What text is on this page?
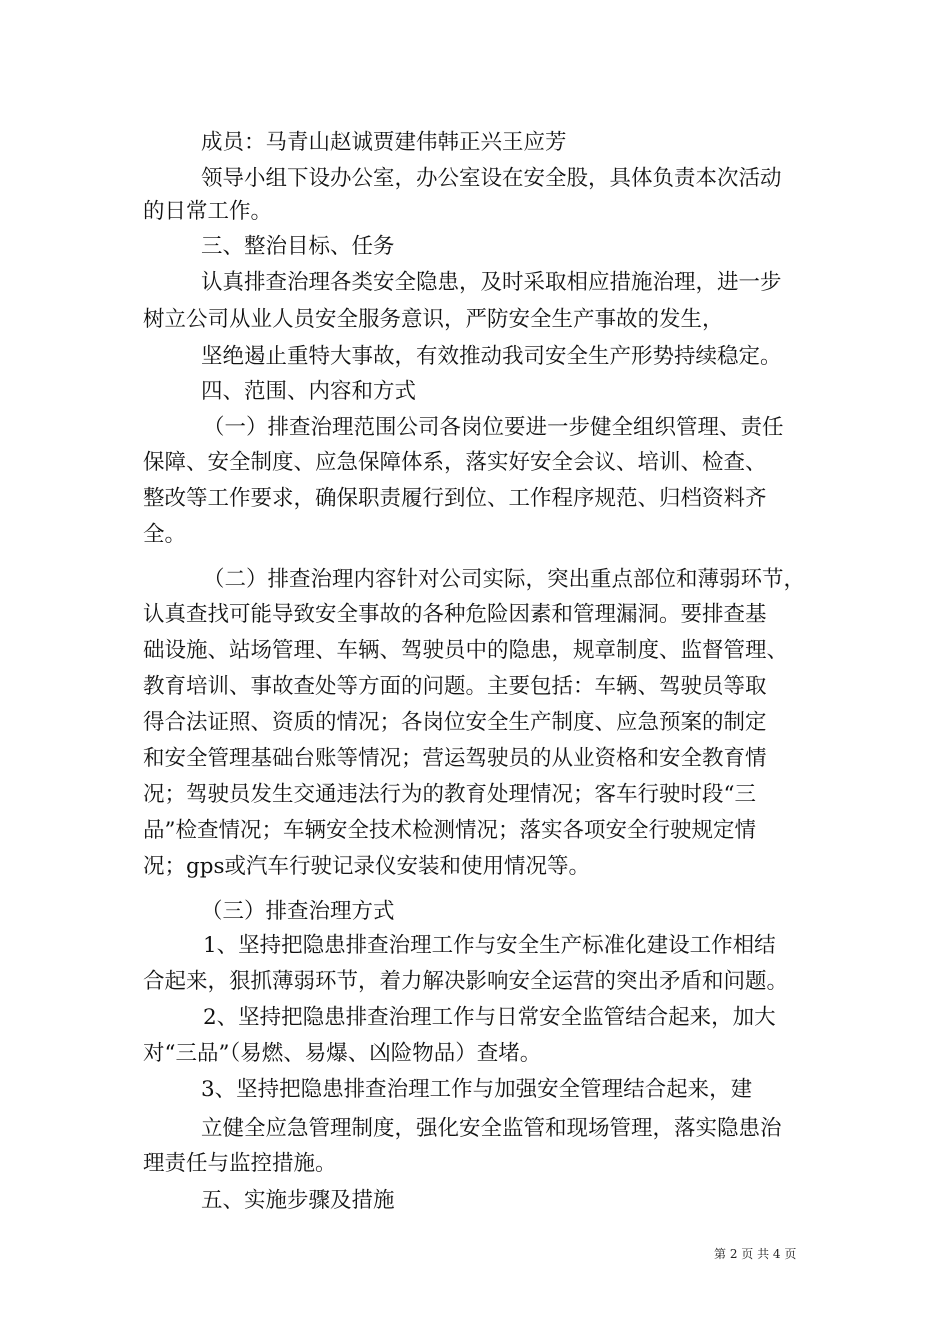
成员：马青山赵诚贾建伟韩正兴王应芳
领导小组下设办公室，办公室设在安全股，具体负责本次活动
的日常工作。
三、整治目标、任务
认真排查治理各类安全隐患，及时采取相应措施治理，进一步
树立公司从业人员安全服务意识，严防安全生产事故的发生，
坚绝遏止重特大事故，有效推动我司安全生产形势持续稳定。
四、范围、内容和方式
（一）排查治理范围公司各岗位要进一步健全组织管理、责任
保障、安全制度、应急保障体系，落实好安全会议、培训、检查、
整改等工作要求，确保职责履行到位、工作程序规范、归档资料齐
全。
（二）排查治理内容针对公司实际，突出重点部位和薄弱环节，
认真查找可能导致安全事故的各种危险因素和管理漏洞。要排查基
础设施、站场管理、车辆、驾驶员中的隐患，规章制度、监督管理、
教育培训、事故查处等方面的问题。主要包括：车辆、驾驶员等取
得合法证照、资质的情况；各岗位安全生产制度、应急预案的制定
和安全管理基础台账等情况；营运驾驶员的从业资格和安全教育情
况；驾驶员发生交通违法行为的教育处理情况；客车行驶时段“三
品”检查情况；车辆安全技术检测情况；落实各项安全行驶规定情
况；gps或汽车行驶记录仪安装和使用情况等。
（三）排查治理方式
1、坚持把隐患排查治理工作与安全生产标准化建设工作相结
合起来，狠抓薄弱环节，着力解决影响安全运营的突出矛盾和问题。
2、坚持把隐患排查治理工作与日常安全监管结合起来，加大
对“三品”（易燃、易爆、凶险物品）查堵。
3、坚持把隐患排查治理工作与加强安全管理结合起来，建
立健全应急管理制度，强化安全监管和现场管理，落实隐患治
理责任与监控措施。
五、实施步骤及措施
第 2 页 共 4 页
